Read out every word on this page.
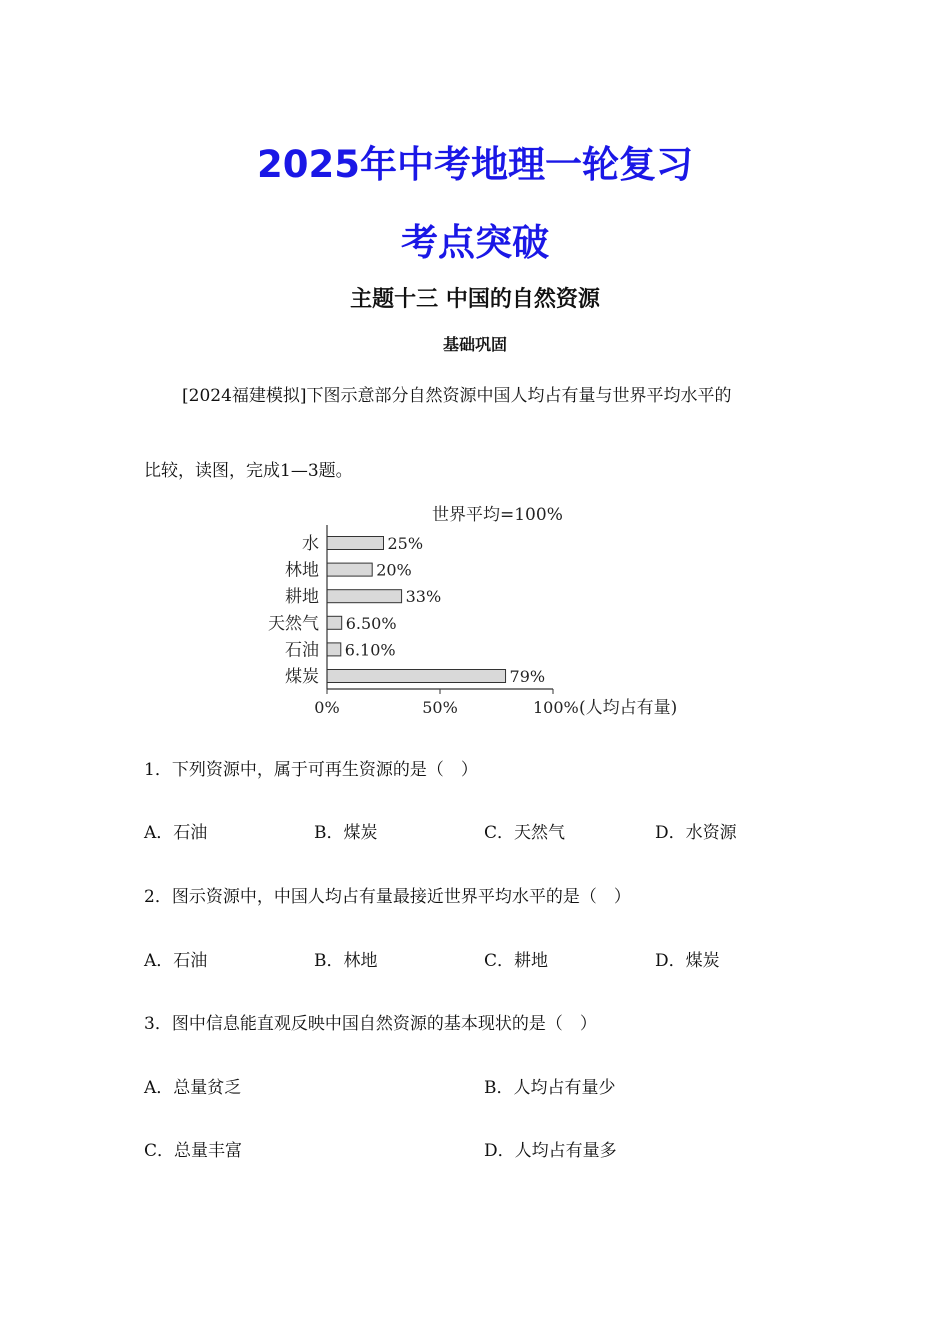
2025年中考地理一轮复习
考点突破
主题十三 中国的自然资源
基础巩固
[2024福建模拟]下图示意部分自然资源中国人均占有量与世界平均水平的
比较，读图，完成1—3题。
世界平均=100%
水	25%
林地	20%
耕地	33%
天然气 6.50%
石油 6.10%
煤炭	79%
0%	50%	100% (人均占有量)
1．下列资源中，属于可再生资源的是（　）
A．石油	B．煤炭	C．天然气	D．水资源
2．图示资源中，中国人均占有量最接近世界平均水平的是（　）
A．石油	B．林地	C．耕地	D．煤炭
3．图中信息能直观反映中国自然资源的基本现状的是（　）
A．总量贫乏	B．人均占有量少
C．总量丰富	D．人均占有量多
